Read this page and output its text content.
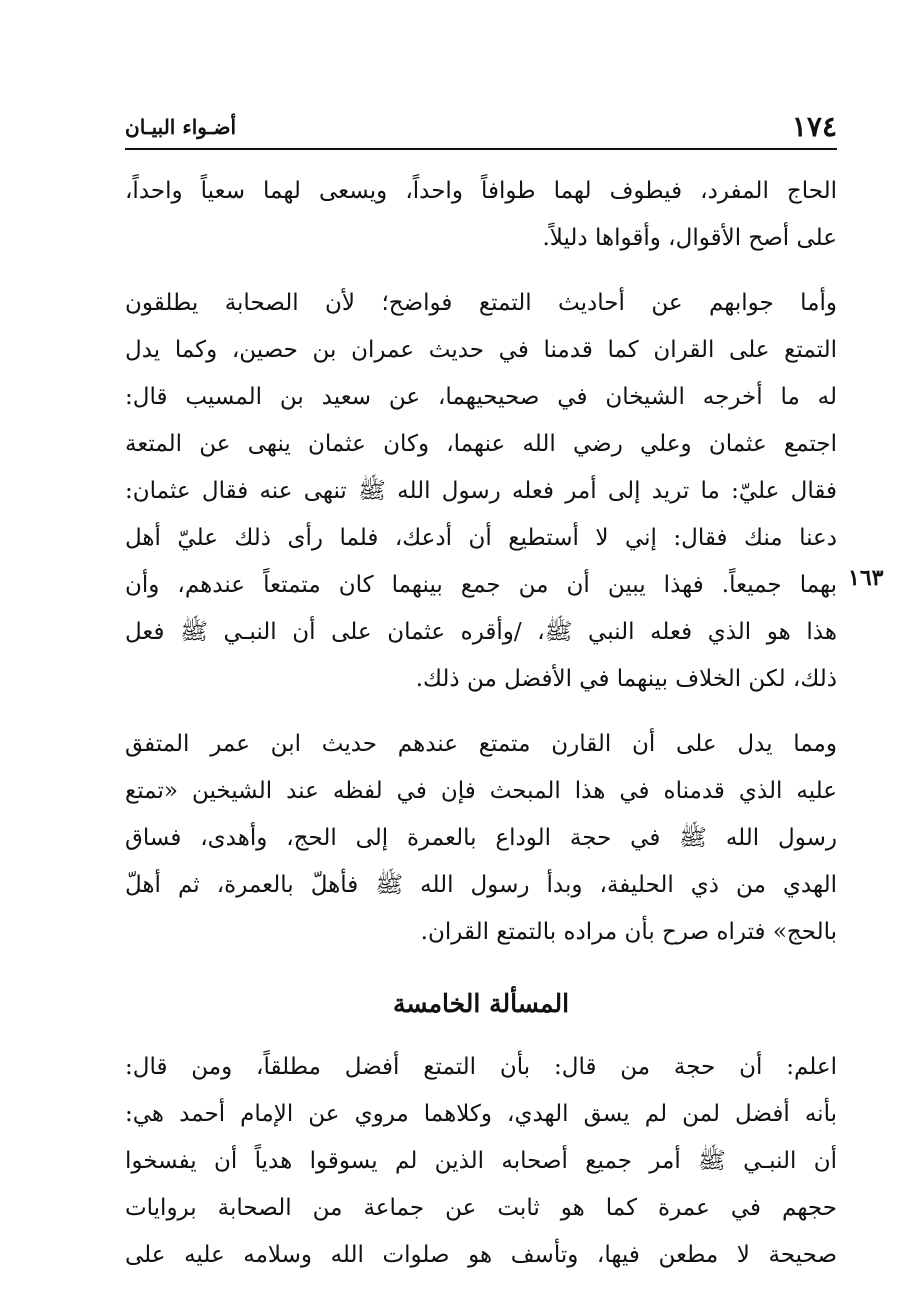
١٧٤
أضـواء البيـان
١٦٣
الحاج المفرد، فيطوف لهما طوافاً واحداً، ويسعى لهما سعياً واحداً،
على أصح الأقوال، وأقواها دليلاً.
وأما جوابهم عن أحاديث التمتع فواضح؛ لأن الصحابة يطلقون
التمتع على القران كما قدمنا في حديث عمران بن حصين، وكما يدل
له ما أخرجه الشيخان في صحيحيهما، عن سعيد بن المسيب قال:
اجتمع عثمان وعلي رضي الله عنهما، وكان عثمان ينهى عن المتعة
فقال عليّ: ما تريد إلى أمر فعله رسول الله ﷺ تنهى عنه فقال عثمان:
دعنا منك فقال: إني لا أستطيع أن أدعك، فلما رأى ذلك عليّ أهل
بهما جميعاً. فهذا يبين أن من جمع بينهما كان متمتعاً عندهم، وأن
هذا هو الذي فعله النبي ﷺ، /وأقره عثمان على أن النبـي ﷺ فعل
ذلك، لكن الخلاف بينهما في الأفضل من ذلك.
ومما يدل على أن القارن متمتع عندهم حديث ابن عمر المتفق
عليه الذي قدمناه في هذا المبحث فإن في لفظه عند الشيخين «تمتع
رسول الله ﷺ في حجة الوداع بالعمرة إلى الحج، وأهدى، فساق
الهدي من ذي الحليفة، وبدأ رسول الله ﷺ فأهلّ بالعمرة، ثم أهلّ
بالحج» فتراه صرح بأن مراده بالتمتع القران.
المسألة الخامسة
اعلم: أن حجة من قال: بأن التمتع أفضل مطلقاً، ومن قال:
بأنه أفضل لمن لم يسق الهدي، وكلاهما مروي عن الإمام أحمد هي:
أن النبـي ﷺ أمر جميع أصحابه الذين لم يسوقوا هدياً أن يفسخوا
حجهم في عمرة كما هو ثابت عن جماعة من الصحابة بروايات
صحيحة لا مطعن فيها، وتأسف هو صلوات الله وسلامه عليه على
